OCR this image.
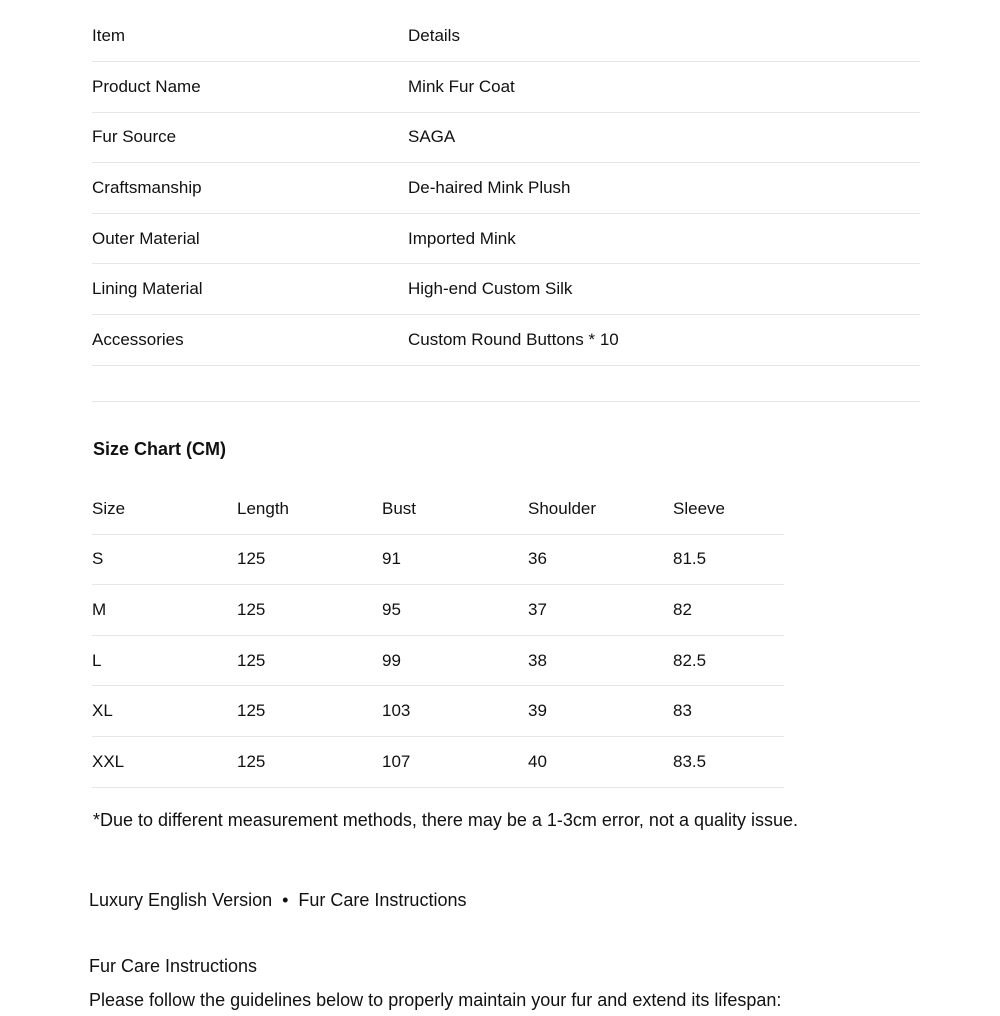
Item	Details
Product Name	Mink Fur Coat
Fur Source	SAGA
Craftsmanship	De-haired Mink Plush
Outer Material	Imported Mink
Lining Material	High-end Custom Silk
Accessories	Custom Round Buttons * 10
Size Chart (CM)
Size	Length	Bust	Shoulder	Sleeve
S	125	91	36	81.5
M	125	95	37	82
L	125	99	38	82.5
XL	125	103	39	83
XXL	125	107	40	83.5

*Due to different measurement methods, there may be a 1-3cm error, not a quality issue.

Luxury English Version  •  Fur Care Instructions

Fur Care Instructions

Please follow the guidelines below to properly maintain your fur and extend its lifespan:
